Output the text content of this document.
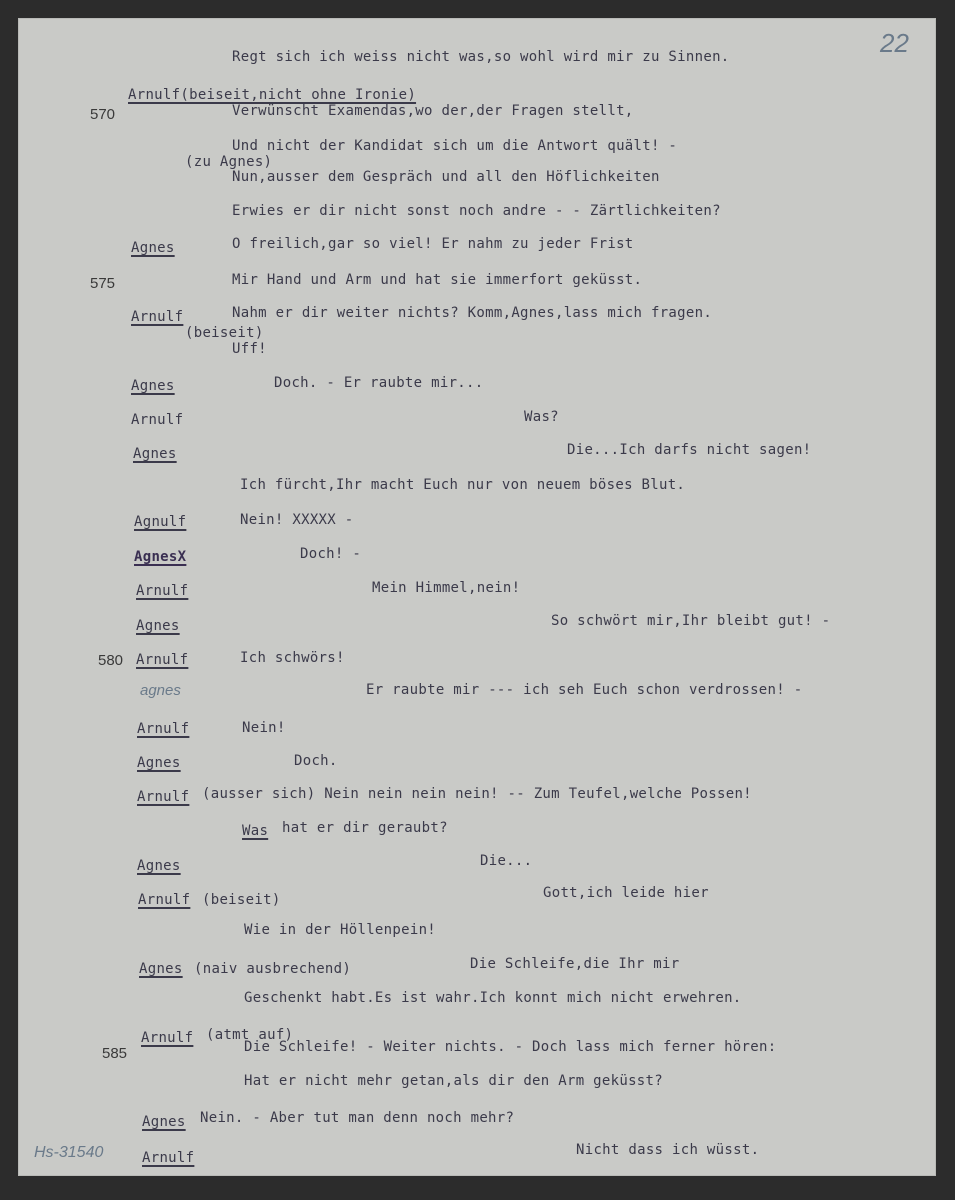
22
Hs-31540
570
575
580
585
Regt sich ich weiss nicht was,so wohl wird mir zu Sinnen.
Arnulf(beiseit,nicht ohne Ironie)
Verwünscht Examendas,wo der,der Fragen stellt,
Und nicht der Kandidat sich um die Antwort quält! -
(zu Agnes)
Nun,ausser dem Gespräch und all den Höflichkeiten
Erwies er dir nicht sonst noch andre - - Zärtlichkeiten?
Agnes	O freilich,gar so viel! Er nahm zu jeder Frist
Mir Hand und Arm und hat sie immerfort geküsst.
Arnulf	Nahm er dir weiter nichts? Komm,Agnes,lass mich fragen.
(beiseit)
Uff!
Agnes	Doch. - Er raubte mir...
Arnulf	Was?
Agnes	Die...Ich darfs nicht sagen!
Ich fürcht,Ihr macht Euch nur von neuem böses Blut.
Agnulf	Nein! XXXXX -
AgnesX	Doch! -
Arnulf	Mein Himmel,nein!
Agnes	So schwört mir,Ihr bleibt gut! -
Arnulf	Ich schwörs!
agnes	Er raubte mir --- ich seh Euch schon verdrossen! -
Arnulf	Nein!
Agnes	Doch.
Arnulf (ausser sich) Nein nein nein nein! -- Zum Teufel,welche Possen!
Was hat er dir geraubt?
Agnes	Die...
Arnulf (beiseit)	Gott,ich leide hier
Wie in der Höllenpein!
Agnes (naiv ausbrechend)	Die Schleife,die Ihr mir
Geschenkt habt.Es ist wahr.Ich konnt mich nicht erwehren.
Arnulf (atmt auf)
Die Schleife! - Weiter nichts. - Doch lass mich ferner hören:
Hat er nicht mehr getan,als dir den Arm geküsst?
Agnes Nein. - Aber tut man denn noch mehr?
Arnulf	Nicht dass ich wüsst.
